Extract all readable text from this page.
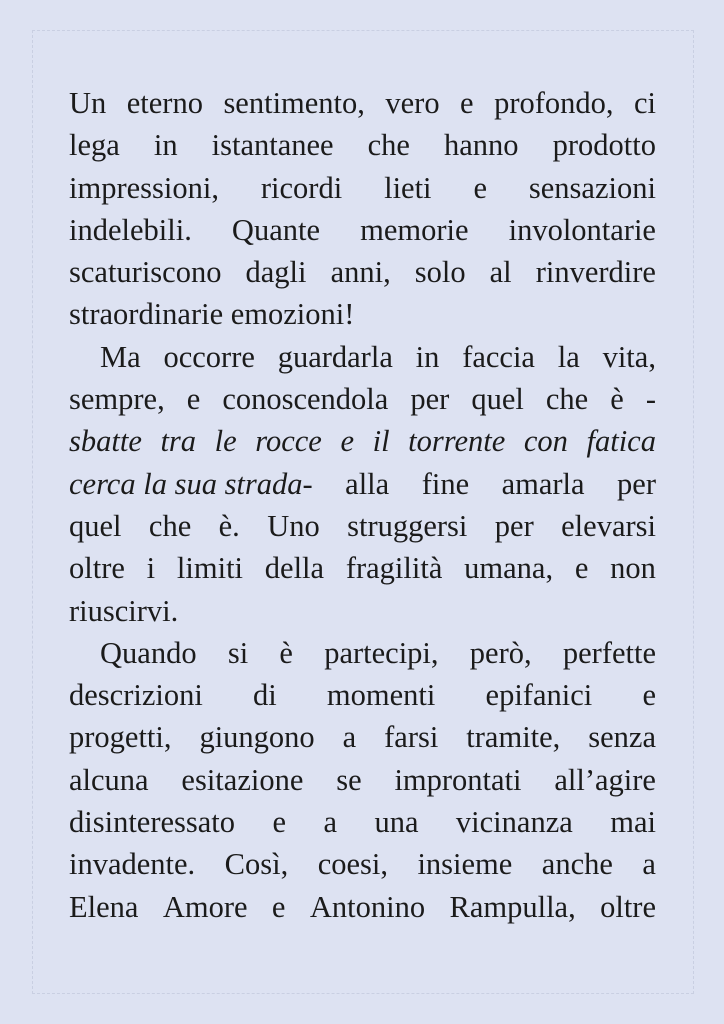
Un eterno sentimento, vero e profondo, ci
lega in istantanee che hanno prodotto
impressioni, ricordi lieti e sensazioni
indelebili. Quante memorie involontarie
scaturiscono dagli anni, solo al rinverdire
straordinarie emozioni!
Ma occorre guardarla in faccia la vita,
sempre, e conoscendola per quel che è -
sbatte tra le rocce e il torrente con fatica
cerca la sua strada- alla fine amarla per
quel che è. Uno struggersi per elevarsi
oltre i limiti della fragilità umana, e non
riuscirvi.
Quando si è partecipi, però, perfette
descrizioni di momenti epifanici e
progetti, giungono a farsi tramite, senza
alcuna esitazione se improntati all’agire
disinteressato e a una vicinanza mai
invadente. Così, coesi, insieme anche a
Elena Amore e Antonino Rampulla, oltre
